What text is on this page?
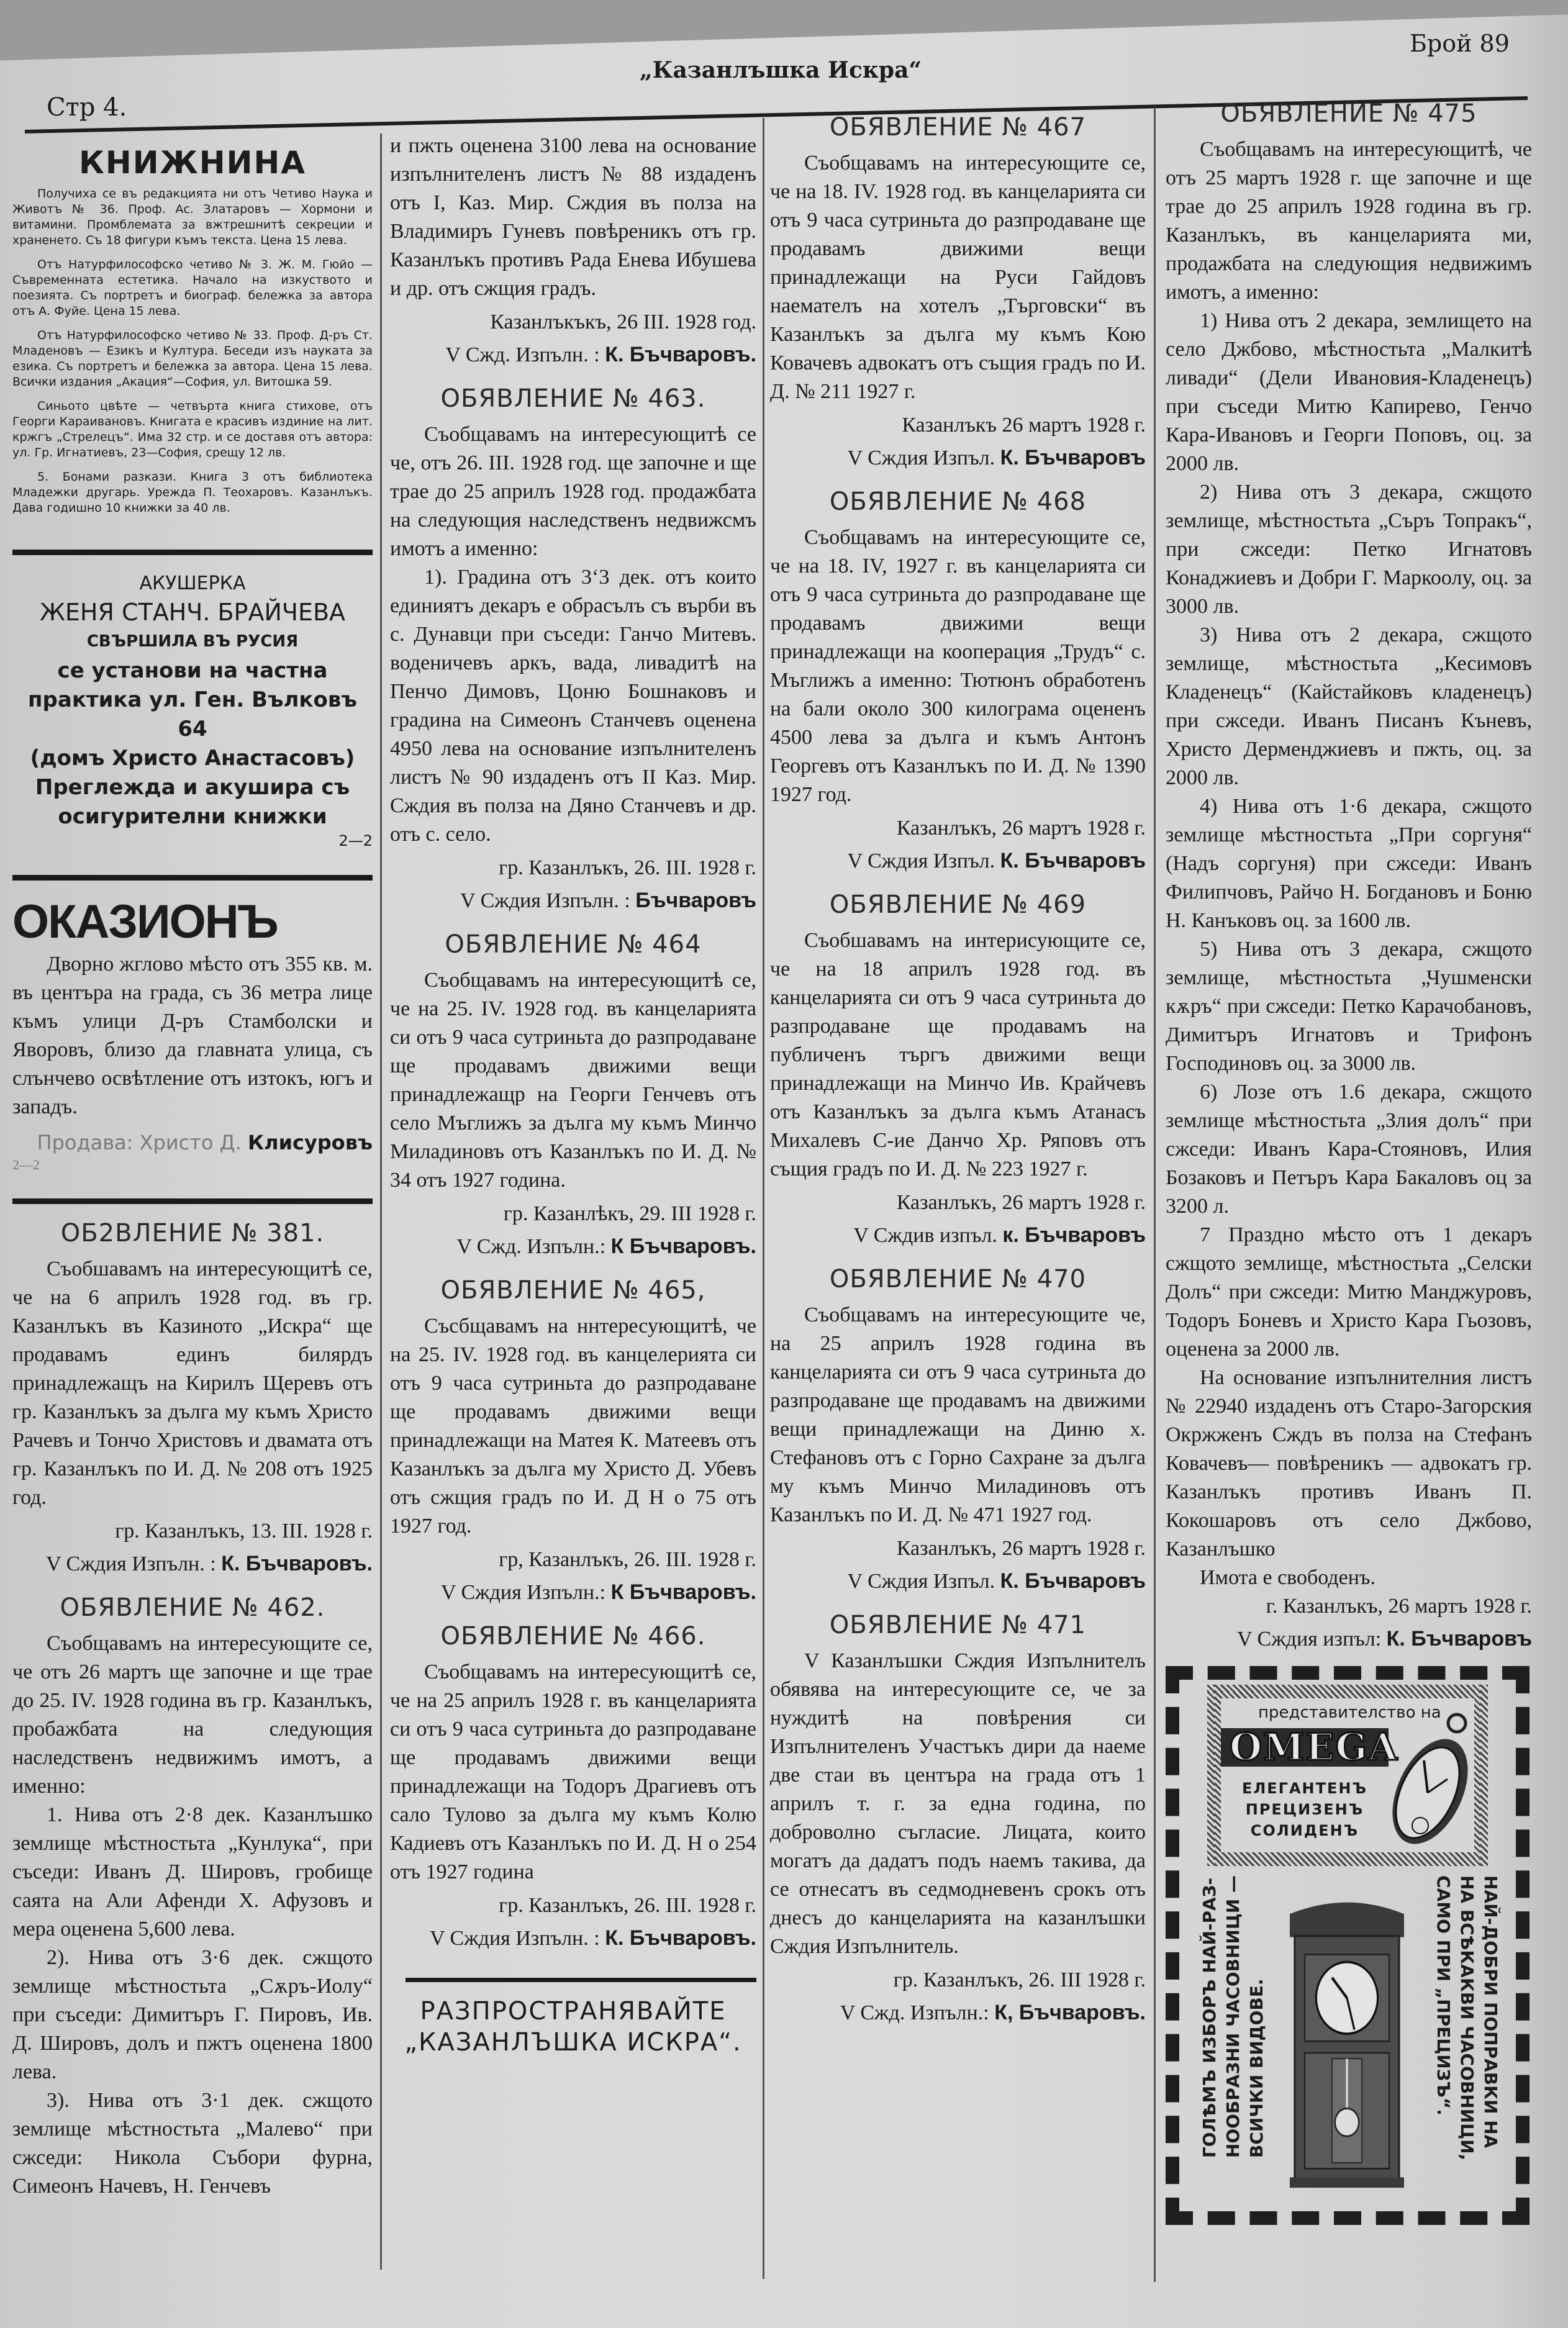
Стр 4.
„Казанлъшка Искра“
Брой 89
КНИЖНИНА

Получиха се въ редакцията ни отъ Четиво Наука и Животъ № 36. Проф. Ас. Златаровъ — Хормони и витамини. Промблемата за вжтрешнитѣ секреции и храненето. Съ 18 фигури къмъ текста. Цена 15 лева.

Отъ Натурфилософско четиво № 3. Ж. М. Гюйо — Съвременната естетика. Начало на изкуството и поезията. Съ портретъ и биограф. бележка за автора отъ А. Фуйе. Цена 15 лева.

Отъ Натурфилософско четиво № 33. Проф. Д-ръ Ст. Младеновъ — Езикъ и Култура. Беседи изъ науката за езика. Съ портретъ и бележка за автора. Цена 15 лева. Всички издания „Акация“—София, ул. Витошка 59.

Синьото цвѣте — четвърта книга стихове, отъ Георги Караивановъ. Книгата е красивъ издиние на лит. кржгъ „Стрелецъ“. Има 32 стр. и се доставя отъ автора: ул. Гр. Игнатиевъ, 23—София, срещу 12 лв.

5. Бонами разкази. Книга 3 отъ библиотека Младежки другарь. Урежда П. Теохаровъ. Казанлъкъ. Дава годишно 10 книжки за 40 лв.

АКУШЕРКА
ЖЕНЯ СТАНЧ. БРАЙЧЕВА
СВЪРШИЛА ВЪ РУСИЯ
се установи на частна
практика ул. Ген. Вълковъ 64
(домъ Христо Анастасовъ)
Преглежда и акушира съ
осигурителни книжки
2—2
ОКАЗИОНЪ

Дворно жглово мѣсто отъ 355 кв. м. въ центъра на града, съ 36 метра лице къмъ улици Д-ръ Стамболски и Яворовъ, близо да главната улица, съ слънчево освѣтление отъ изтокъ, югъ и западъ.

Продава: Христо Д. Клисуровъ
2—2
ОБ2ВЛЕНИЕ № 381.

Съобшавамъ на интересующитѣ се, че на 6 априлъ 1928 год. въ гр. Казанлъкъ въ Казиното „Искра“ ще продавамъ единъ билярдъ принадлежащъ на Кирилъ Щеревъ отъ гр. Казанлъкъ за дълга му къмъ Христо Рачевъ и Тончо Христовъ и двамата отъ гр. Казанлъкъ по И. Д. № 208 отъ 1925 год.

гр. Казанлъкъ, 13. III. 1928 г.

V Сждия Изпълн. : К. Бъчваровъ.

ОБЯВЛЕНИЕ № 462.

Съобщавамъ на интересующите се, че отъ 26 мартъ ще започне и ще трае до 25. IV. 1928 година въ гр. Казанлъкъ, пробажбата на следующия наследственъ недвижимъ имотъ, а именно:

1. Нива отъ 2·8 дек. Казанлъшко землище мѣстностьта „Кунлука“, при съседи: Иванъ Д. Шировъ, гробище саята на Али Афенди Х. Афузовъ и мера оценена 5,600 лева.

2). Нива отъ 3·6 дек. сжщото землище мѣстностьта „Сѫръ-Иолу“ при съседи: Димитъръ Г. Пировъ, Ив. Д. Шировъ, долъ и пжтъ оценена 1800 лева.

3). Нива отъ 3·1 дек. сжщото землище мѣстностьта „Малево“ при сжседи: Никола Събори фурна, Симеонъ Начевъ, Н. Генчевъ

и пжть оценена 3100 лева на основание изпълнителенъ листъ № 88 издаденъ отъ I, Каз. Мир. Сждия въ полза на Владимиръ Гуневъ повѣреникъ отъ гр. Казанлъкъ противъ Рада Енева Ибушева и др. отъ сжщия градъ.

Казанлъкъкъ, 26 III. 1928 год.

V Сжд. Изпълн. : К. Бъчваровъ.

ОБЯВЛЕНИЕ № 463.

Съобщавамъ на интересующитѣ се че, отъ 26. III. 1928 год. ще започне и ще трае до 25 априлъ 1928 год. продажбата на следующия наследственъ недвижсмъ имотъ а именно:

1). Градина отъ 3‘3 дек. отъ които единиятъ декаръ е обрасълъ съ върби въ с. Дунавци при съседи: Ганчо Митевъ. воденичевъ аркъ, вада, ливадитѣ на Пенчо Димовъ, Цоню Бошнаковъ и градина на Симеонъ Станчевъ оценена 4950 лева на основание изпълнителенъ листъ № 90 издаденъ отъ II Каз. Мир. Сждия въ полза на Дяно Станчевъ и др. отъ с. село.

гр. Казанлъкъ, 26. III. 1928 г.

V Сждия Изпълн. : Бъчваровъ

ОБЯВЛЕНИЕ № 464

Съобщавамъ на интересующитѣ се, че на 25. IV. 1928 год. въ канцеларията си отъ 9 часа сутриньта до разпродаване ще продавамъ движими вещи принадлежащр на Георги Генчевъ отъ село Мъглижъ за дълга му къмъ Минчо Миладиновъ отъ Казанлъкъ по И. Д. № 34 отъ 1927 година.

гр. Казанлѣкъ, 29. III 1928 г.

V Сжд. Изпълн.: К Бъчваровъ.

ОБЯВЛЕНИЕ № 465,

Съсбщавамъ на ннтересующитѣ, че на 25. IV. 1928 год. въ канцелерията си отъ 9 часа сутриньта до разпродаване ще продавамъ движими вещи принадлежащи на Матея К. Матеевъ отъ Казанлъкъ за дълга му Христо Д. Убевъ отъ сжщия градъ по И. Д Н о 75 отъ 1927 год.

гр, Казанлъкъ, 26. III. 1928 г.

V Сждия Изпълн.: К Бъчваровъ.

ОБЯВЛЕНИЕ № 466.

Съобщавамъ на интересующитѣ се, че на 25 априлъ 1928 г. въ канцеларията си отъ 9 часа сутриньта до разпродаване ще продавамъ движими вещи принадлежащи на Тодоръ Драгиевъ отъ сало Тулово за дълга му къмъ Колю Кадиевъ отъ Казанлъкъ по И. Д. Н о 254 отъ 1927 година

гр. Казанлъкъ, 26. III. 1928 г.

V Сждия Изпълн. : К. Бъчваровъ.

РАЗПРОСТРАНЯВАЙТЕ
„КАЗАНЛЪШКА ИСКРА“.
ОБЯВЛЕНИЕ № 467

Съобщавамъ на интересующите се, че на 18. IV. 1928 год. въ канцеларията си отъ 9 часа сутриньта до разпродаване ще продавамъ движими вещи принадлежащи на Руси Гайдовъ наемателъ на хотелъ „Търговски“ въ Казанлъкъ за дълга му къмъ Кою Ковачевъ адвокатъ отъ същия градъ по И. Д. № 211 1927 г.

Казанлъкъ 26 мартъ 1928 г.

V Сждия Изпъл. К. Бъчваровъ

ОБЯВЛЕНИЕ № 468

Съобщавамъ на интересующите се, че на 18. IV, 1927 г. въ канцеларията си отъ 9 часа сутриньта до разпродаване ще продавамъ движими вещи принадлежащи на кооперация „Трудъ“ с. Мъглижъ а именно: Тютюнъ обработенъ на бали около 300 килограма оцененъ 4500 лева за дълга и къмъ Антонъ Георгевъ отъ Казанлъкъ по И. Д. № 1390 1927 год.

Казанлъкъ, 26 мартъ 1928 г.

V Сждия Изпъл. К. Бъчваровъ

ОБЯВЛЕНИЕ № 469

Съобшавамъ на интерисующите се, че на 18 априлъ 1928 год. въ канцеларията си отъ 9 часа сутриньта до разпродаване ще продавамъ на публиченъ търгъ движими вещи принадлежащи на Минчо Ив. Крайчевъ отъ Казанлъкъ за дълга къмъ Атанасъ Михалевъ С-ие Данчо Хр. Ряповъ отъ същия градъ по И. Д. № 223 1927 г.

Казанлъкъ, 26 мартъ 1928 г.

V Сждив изпъл. к. Бъчваровъ

ОБЯВЛЕНИЕ № 470

Съобщавамъ на интересующите че, на 25 априлъ 1928 година въ канцеларията си отъ 9 часа сутриньта до разпродаване ще продавамъ на движими вещи принадлежащи на Диню х. Стефановъ отъ с Горно Сахране за дълга му къмъ Минчо Миладиновъ отъ Казанлъкъ по И. Д. № 471 1927 год.

Казанлъкъ, 26 мартъ 1928 г.

V Сждия Изпъл. К. Бъчваровъ

ОБЯВЛЕНИЕ № 471

V Казанлъшки Сждия Изпълнителъ обявява на интересующите се, че за нуждитѣ на повѣрения си Изпълнителенъ Участъкъ дири да наеме две стаи въ центъра на града отъ 1 априлъ т. г. за една година, по доброволно съгласие. Лицата, които могатъ да дадатъ подъ наемъ такива, да се отнесатъ въ седмодневенъ срокъ отъ днесъ до канцеларията на казанлъшки Сждия Изпълнитель.

гр. Казанлъкъ, 26. III 1928 г.

V Сжд. Изпълн.: К, Бъчваровъ.

ОБЯВЛЕНИЕ № 475

Съобщавамъ на интересующитѣ, че отъ 25 мартъ 1928 г. ще започне и ще трае до 25 априлъ 1928 година въ гр. Казанлъкъ, въ канцеларията ми, продажбата на следующия недвижимъ имотъ, а именно:

1) Нива отъ 2 декара, землището на село Джбово, мѣстностьта „Малкитѣ ливади“ (Дели Ивановия-Кладенецъ) при съседи Митю Капирево, Генчо Кара-Ивановъ и Георги Поповъ, оц. за 2000 лв.

2) Нива отъ 3 декара, сжщото землище, мѣстностьта „Съръ Топракъ“, при сжседи: Петко Игнатовъ Конаджиевъ и Добри Г. Маркоолу, оц. за 3000 лв.

3) Нива отъ 2 декара, сжщото землище, мѣстностьта „Кесимовъ Кладенецъ“ (Кайстайковъ кладенецъ) при сжседи. Иванъ Писанъ Къневъ, Христо Дерменджиевъ и пжть, оц. за 2000 лв.

4) Нива отъ 1·6 декара, сжщото землище мѣстностьта „При соргуня“ (Надъ соргуня) при сжседи: Иванъ Филипчовъ, Райчо Н. Богдановъ и Боню Н. Канъковъ оц. за 1600 лв.

5) Нива отъ 3 декара, сжщото землище, мѣстностьта „Чушменски кѫръ“ при сжседи: Петко Карачобановъ, Димитъръ Игнатовъ и Трифонъ Господиновъ оц. за 3000 лв.

6) Лозе отъ 1.6 декара, сжщото землище мѣстностьта „Злия долъ“ при сжседи: Иванъ Кара-Стояновъ, Илия Бозаковъ и Петъръ Кара Бакаловъ оц за 3200 л.

7 Праздно мѣсто отъ 1 декаръ сжщото землище, мѣстностьта „Селски Долъ“ при сжседи: Митю Манджуровъ, Тодоръ Боневъ и Христо Кара Гьозовъ, оценена за 2000 лв.

На основание изпълнителния листъ № 22940 издаденъ отъ Старо-Загорския Окржженъ Сждъ въ полза на Стефанъ Ковачевъ— повѣреникъ — адвокатъ гр. Казанлъкъ противъ Иванъ П. Кокошаровъ отъ село Джбово, Казанлъшко

Имота е свободенъ.

г. Казанлъкъ, 26 мартъ 1928 г.

V Сждия изпъл: К. Бъчваровъ

представителство на
OMEGA
ЕЛЕГАНТЕНЪ
ПРЕЦИЗЕНЪ
СОЛИДЕНЪ
ГОЛѢМЪ ИЗБОРЪ НАЙ-РАЗ- НООБРАЗНИ ЧАСОВНИЦИ — ВСИЧКИ ВИДОВЕ.	НАЙ-ДОБРИ ПОПРАВКИ НА
НА ВСѢКАКВИ ЧАСОВНИЦИ,
САМО ПРИ „ПРЕЦИЗЪ“.
